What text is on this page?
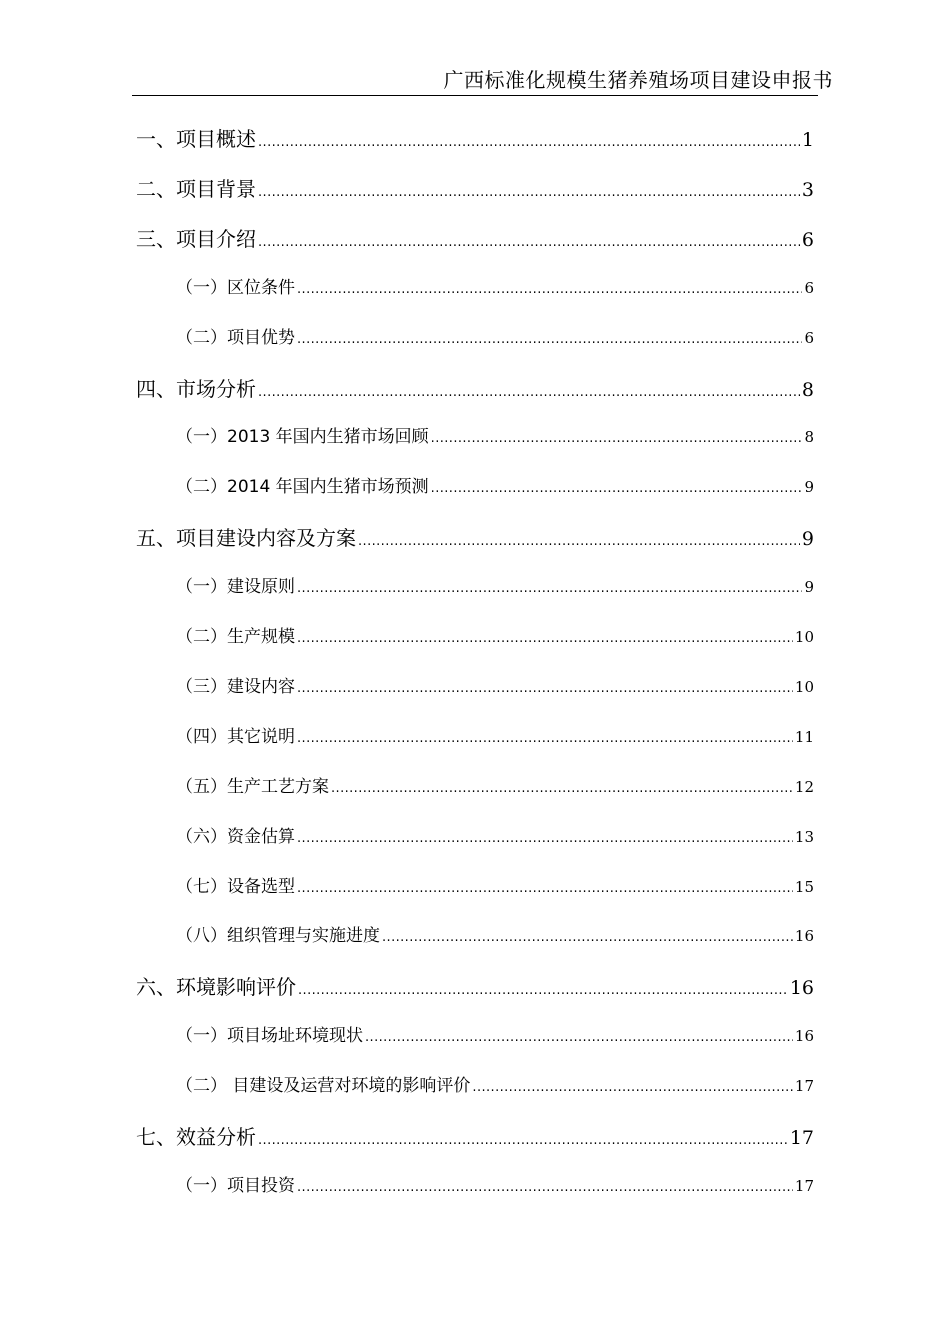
广西标准化规模生猪养殖场项目建设申报书
一、项目概述 .....	1
二、项目背景 .....	3
三、项目介绍 .....	6
（一）区位条件 .....	6
（二）项目优势 .....	6
四、市场分析 .....	8
（一）2013 年国内生猪市场回顾 .....	8
（二）2014 年国内生猪市场预测 .....	9
五、项目建设内容及方案 .....	9
（一）建设原则 .....	9
（二）生产规模 .....	10
（三）建设内容 .....	10
（四）其它说明 .....	11
（五）生产工艺方案 .....	12
（六）资金估算 .....	13
（七）设备选型 .....	15
（八）组织管理与实施进度 .....	16
六、环境影响评价 .....	16
（一）项目场址环境现状 .....	16
（二） 目建设及运营对环境的影响评价 .....	17
七、效益分析 .....	17
（一）项目投资 .....	17
